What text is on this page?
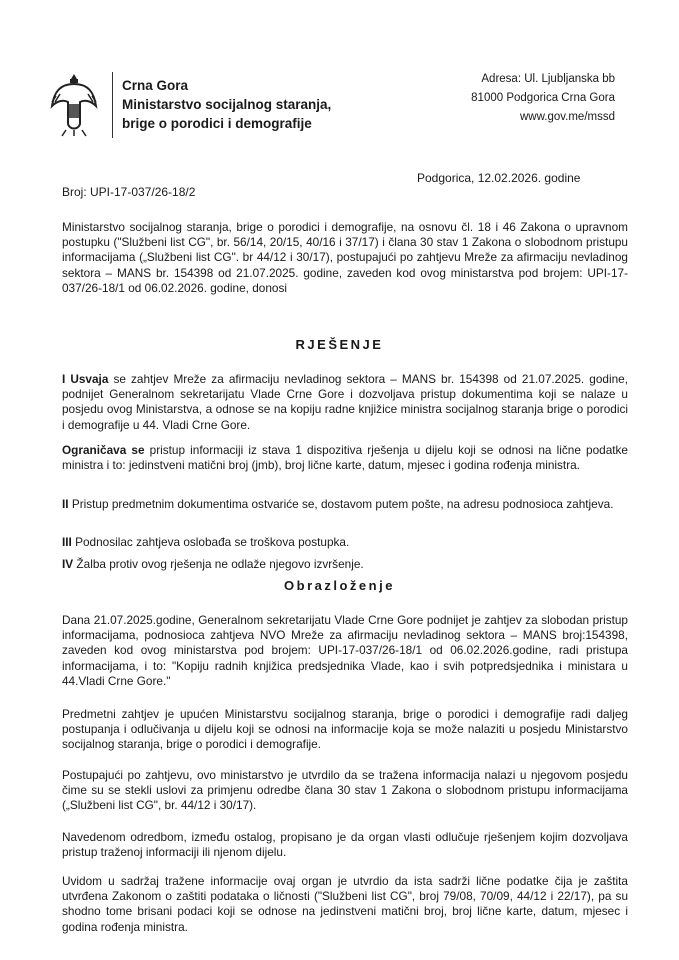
Crna Gora
Ministarstvo socijalnog staranja,
brige o porodici i demografije
Adresa: Ul. Ljubljanska bb
81000 Podgorica Crna Gora
www.gov.me/mssd
Broj: UPI-17-037/26-18/2
Podgorica, 12.02.2026. godine
Ministarstvo socijalnog staranja, brige o porodici i demografije, na osnovu čl. 18 i 46 Zakona o upravnom postupku ("Službeni list CG", br. 56/14, 20/15, 40/16 i 37/17) i člana 30 stav 1 Zakona o slobodnom pristupu informacijama („Službeni list CG". br 44/12 i 30/17), postupajući po zahtjevu Mreže za afirmaciju nevladinog sektora – MANS br. 154398 od 21.07.2025. godine, zaveden kod ovog ministarstva pod brojem: UPI-17-037/26-18/1 od 06.02.2026. godine, donosi
RJEŠENJE
I Usvaja se zahtjev Mreže za afirmaciju nevladinog sektora – MANS br. 154398 od 21.07.2025. godine, podnijet Generalnom sekretarijatu Vlade Crne Gore i dozvoljava pristup dokumentima koji se nalaze u posjedu ovog Ministarstva, a odnose se na kopiju radne knjižice ministra socijalnog staranja brige o porodici i demografije u 44. Vladi Crne Gore.
Ograničava se pristup informaciji iz stava 1 dispozitiva rješenja u dijelu koji se odnosi na lične podatke ministra i to: jedinstveni matični broj (jmb), broj lične karte, datum, mjesec i godina rođenja ministra.
II Pristup predmetnim dokumentima ostvariće se, dostavom putem pošte, na adresu podnosioca zahtjeva.
III Podnosilac zahtjeva oslobađa se troškova postupka.
IV Žalba protiv ovog rješenja ne odlaže njegovo izvršenje.
Obrazloženje
Dana 21.07.2025.godine, Generalnom sekretarijatu Vlade Crne Gore podnijet je zahtjev za slobodan pristup informacijama, podnosioca zahtjeva NVO Mreže za afirmaciju nevladinog sektora – MANS broj:154398, zaveden kod ovog ministarstva pod brojem: UPI-17-037/26-18/1 od 06.02.2026.godine, radi pristupa informacijama, i to: "Kopiju radnih knjižica predsjednika Vlade, kao i svih potpredsjednika i ministara u 44.Vladi Crne Gore."
Predmetni zahtjev je upućen Ministarstvu socijalnog staranja, brige o porodici i demografije radi daljeg postupanja i odlučivanja u dijelu koji se odnosi na informacije koja se može nalaziti u posjedu Ministarstvo socijalnog staranja, brige o porodici i demografije.
Postupajući po zahtjevu, ovo ministarstvo je utvrdilo da se tražena informacija nalazi u njegovom posjedu čime su se stekli uslovi za primjenu odredbe člana 30 stav 1 Zakona o slobodnom pristupu informacijama („Službeni list CG", br. 44/12 i 30/17).
Navedenom odredbom, između ostalog, propisano je da organ vlasti odlučuje rješenjem kojim dozvoljava pristup traženoj informaciji ili njenom dijelu.
Uvidom u sadržaj tražene informacije ovaj organ je utvrdio da ista sadrži lične podatke čija je zaštita utvrđena Zakonom o zaštiti podataka o ličnosti ("Službeni list CG", broj 79/08, 70/09, 44/12 i 22/17), pa su shodno tome brisani podaci koji se odnose na jedinstveni matični broj, broj lične karte, datum, mjesec i godina rođenja ministra.
